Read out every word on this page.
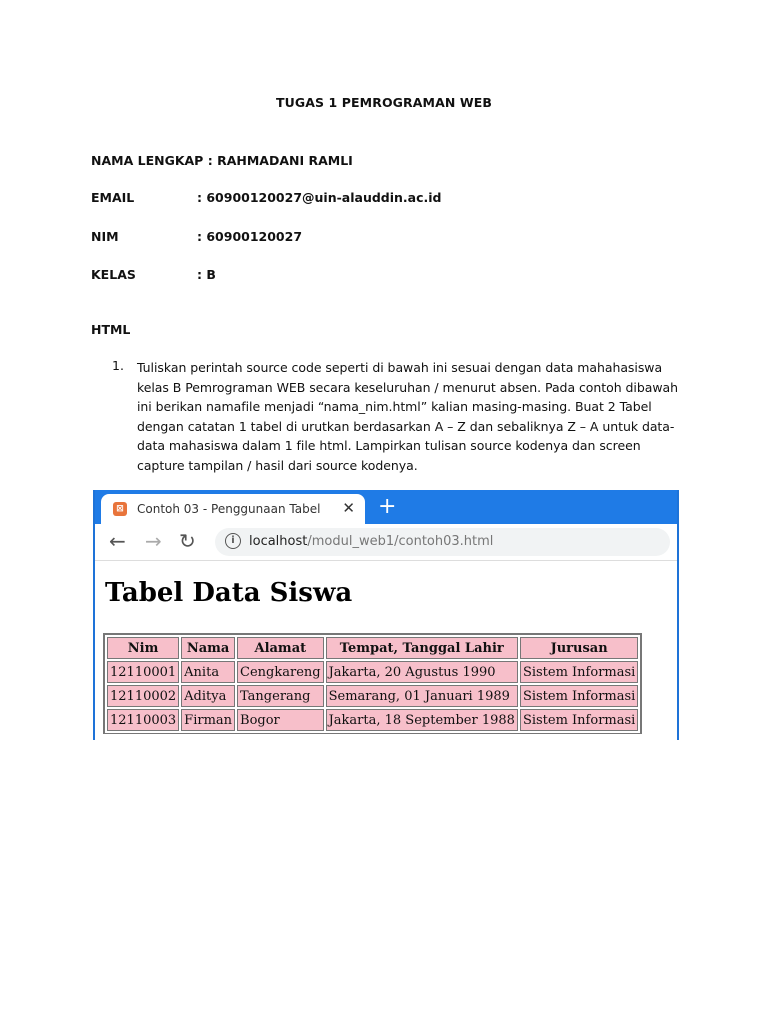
TUGAS 1 PEMROGRAMAN WEB
NAMA LENGKAP : RAHMADANI RAMLI
EMAIL	: 60900120027@uin-alauddin.ac.id
NIM	: 60900120027
KELAS	: B
HTML
1. Tuliskan perintah source code seperti di bawah ini sesuai dengan data mahahasiswa kelas B Pemrograman WEB secara keseluruhan / menurut absen. Pada contoh dibawah ini berikan namafile menjadi “nama_nim.html” kalian masing-masing. Buat 2 Tabel dengan catatan 1 tabel di urutkan berdasarkan A – Z dan sebaliknya Z – A untuk data-data mahasiswa dalam 1 file html. Lampirkan tulisan source kodenya dan screen capture tampilan / hasil dari source kodenya.
⊠ Contoh 03 - Penggunaan Tabel ✕ +
← → ↻	i	localhost/modul_web1/contoh03.html
Tabel Data Siswa
Nim	Nama	Alamat	Tempat, Tanggal Lahir	Jurusan
12110001	Anita	Cengkareng	Jakarta, 20 Agustus 1990	Sistem Informasi
12110002	Aditya	Tangerang	Semarang, 01 Januari 1989	Sistem Informasi
12110003	Firman	Bogor	Jakarta, 18 September 1988	Sistem Informasi
